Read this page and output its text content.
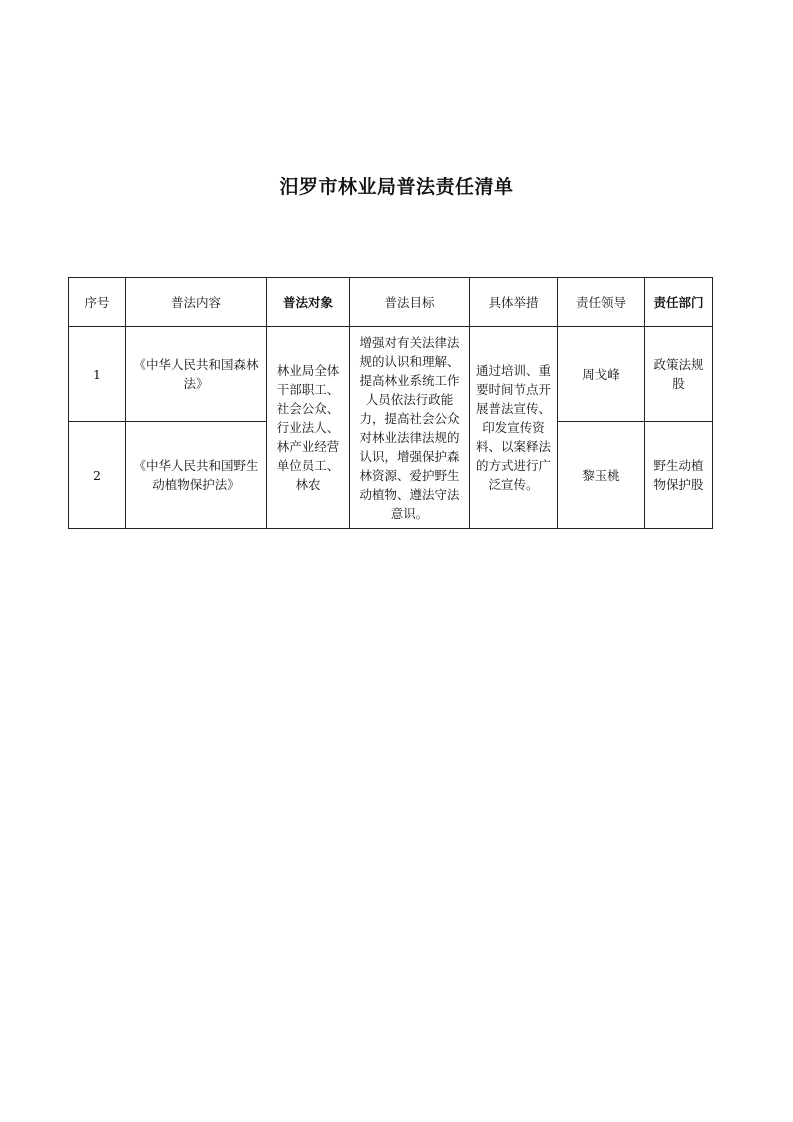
汨罗市林业局普法责任清单
序号	普法内容	普法对象	普法目标	具体举措	责任领导	责任部门
1	《中华人民共和国森林法》	林业局全体干部职工、社会公众、行业法人、林产业经营单位员工、林农	增强对有关法律法规的认识和理解、提高林业系统工作人员依法行政能力，提高社会公众对林业法律法规的认识，增强保护森林资源、爱护野生动植物、遵法守法意识。	通过培训、重要时间节点开展普法宣传、印发宣传资料、以案释法的方式进行广泛宣传。	周戈峰	政策法规股
2	《中华人民共和国野生动植物保护法》				黎玉桃	野生动植物保护股
